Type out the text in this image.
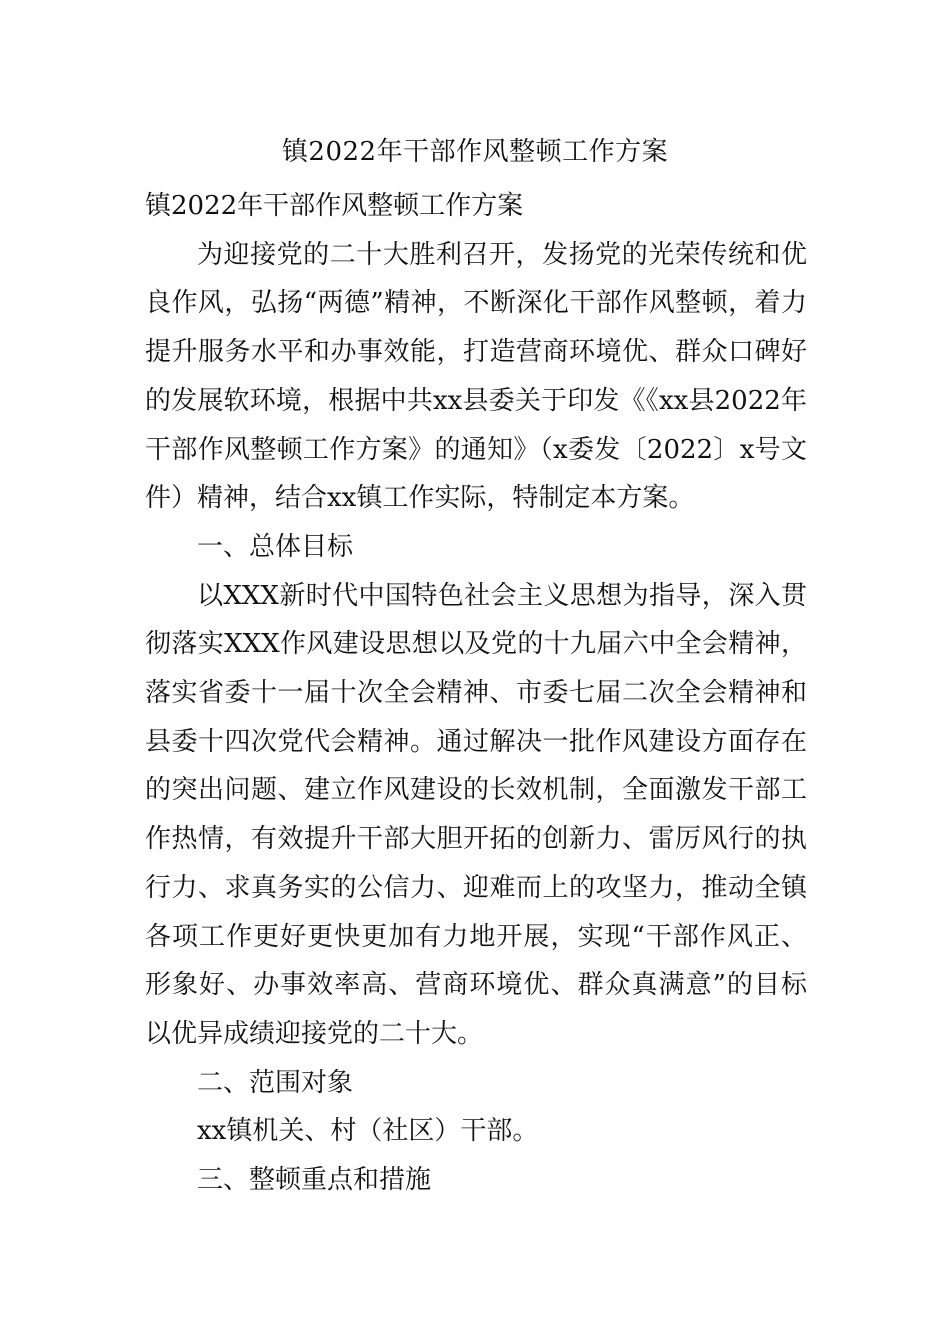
镇2022年干部作风整顿工作方案

镇2022年干部作风整顿工作方案

为迎接党的二十大胜利召开，发扬党的光荣传统和优良作风，弘扬“两德”精神，不断深化干部作风整顿，着力提升服务水平和办事效能，打造营商环境优、群众口碑好的发展软环境，根据中共xx县委关于印发《《xx县2022年干部作风整顿工作方案》的通知》（x委发〔2022〕x号文件）精神，结合xx镇工作实际，特制定本方案。

一、总体目标

以XXX新时代中国特色社会主义思想为指导，深入贯彻落实XXX作风建设思想以及党的十九届六中全会精神，落实省委十一届十次全会精神、市委七届二次全会精神和县委十四次党代会精神。通过解决一批作风建设方面存在的突出问题、建立作风建设的长效机制，全面激发干部工作热情，有效提升干部大胆开拓的创新力、雷厉风行的执行力、求真务实的公信力、迎难而上的攻坚力，推动全镇各项工作更好更快更加有力地开展，实现“干部作风正、形象好、办事效率高、营商环境优、群众真满意”的目标以优异成绩迎接党的二十大。

二、范围对象

xx镇机关、村（社区）干部。

三、整顿重点和措施
